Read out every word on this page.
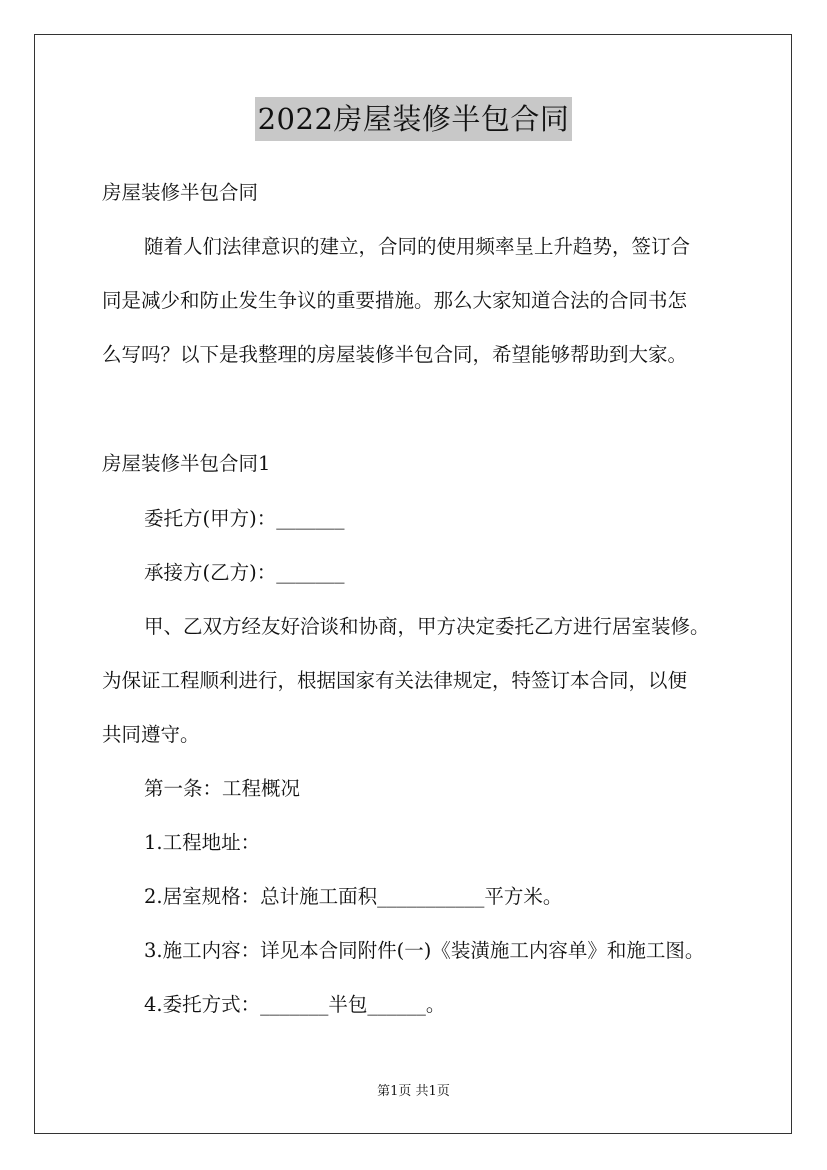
2022房屋装修半包合同
房屋装修半包合同
随着人们法律意识的建立，合同的使用频率呈上升趋势，签订合
同是减少和防止发生争议的重要措施。那么大家知道合法的合同书怎
么写吗？以下是我整理的房屋装修半包合同，希望能够帮助到大家。
房屋装修半包合同1
委托方(甲方)：_______
承接方(乙方)：_______
甲、乙双方经友好洽谈和协商，甲方决定委托乙方进行居室装修。
为保证工程顺利进行，根据国家有关法律规定，特签订本合同，以便
共同遵守。
第一条：工程概况
1.工程地址：
2.居室规格：总计施工面积___________平方米。
3.施工内容：详见本合同附件(一)《装潢施工内容单》和施工图。
4.委托方式：_______半包______。
第1页 共1页
